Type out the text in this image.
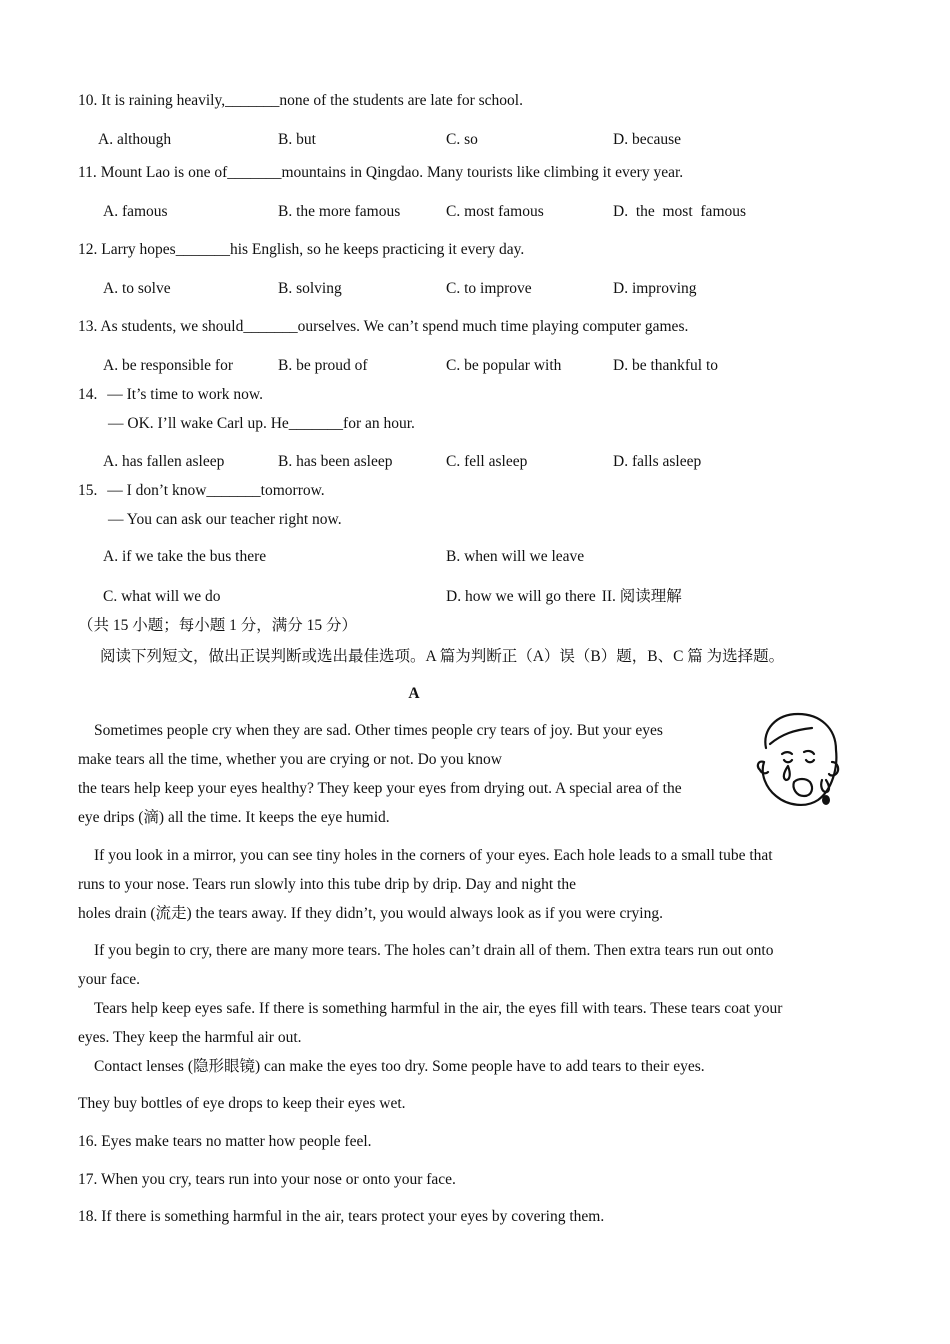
10. It is raining heavily,_______none of the students are late for school.
A. although	B. but	C. so	D. because
11. Mount Lao is one of_______mountains in Qingdao. Many tourists like climbing it every year.
A. famous	B. the more famous	C. most famous	D.  the  most  famous
12. Larry hopes_______his English, so he keeps practicing it every day.
A. to solve	B. solving	C. to improve	D. improving
13. As students, we should_______ourselves. We can’t spend much time playing computer games.
A. be responsible for	B. be proud of	C. be popular with	D. be thankful to
14. — It’s time to work now.
— OK. I’ll wake Carl up. He_______for an hour.
A. has fallen asleep	B. has been asleep	C. fell asleep	D. falls asleep
15. — I don’t know_______tomorrow.
— You can ask our teacher right now.
A. if we take the bus there	B. when will we leave
C. what will we do	D. how we will go there II. 阅读理解
（共 15 小题；每小题 1 分，满分 15 分）
阅读下列短文，做出正误判断或选出最佳选项。A 篇为判断正（A）误（B）题，B、C 篇 为选择题。
A
Sometimes people cry when they are sad. Other times people cry tears of joy. But your eyes
make tears all the time, whether you are crying or not. Do you know
the tears help keep your eyes healthy? They keep your eyes from drying out. A special area of the
eye drips (滴) all the time. It keeps the eye humid.
If you look in a mirror, you can see tiny holes in the corners of your eyes. Each hole leads to a small tube that
runs to your nose. Tears run slowly into this tube drip by drip. Day and night the
holes drain (流走) the tears away. If they didn’t, you would always look as if you were crying.
If you begin to cry, there are many more tears. The holes can’t drain all of them. Then extra tears run out onto
your face.
Tears help keep eyes safe. If there is something harmful in the air, the eyes fill with tears. These tears coat your
eyes. They keep the harmful air out.
Contact lenses (隐形眼镜) can make the eyes too dry. Some people have to add tears to their eyes.
They buy bottles of eye drops to keep their eyes wet.
16. Eyes make tears no matter how people feel.
17. When you cry, tears run into your nose or onto your face.
18. If there is something harmful in the air, tears protect your eyes by covering them.
